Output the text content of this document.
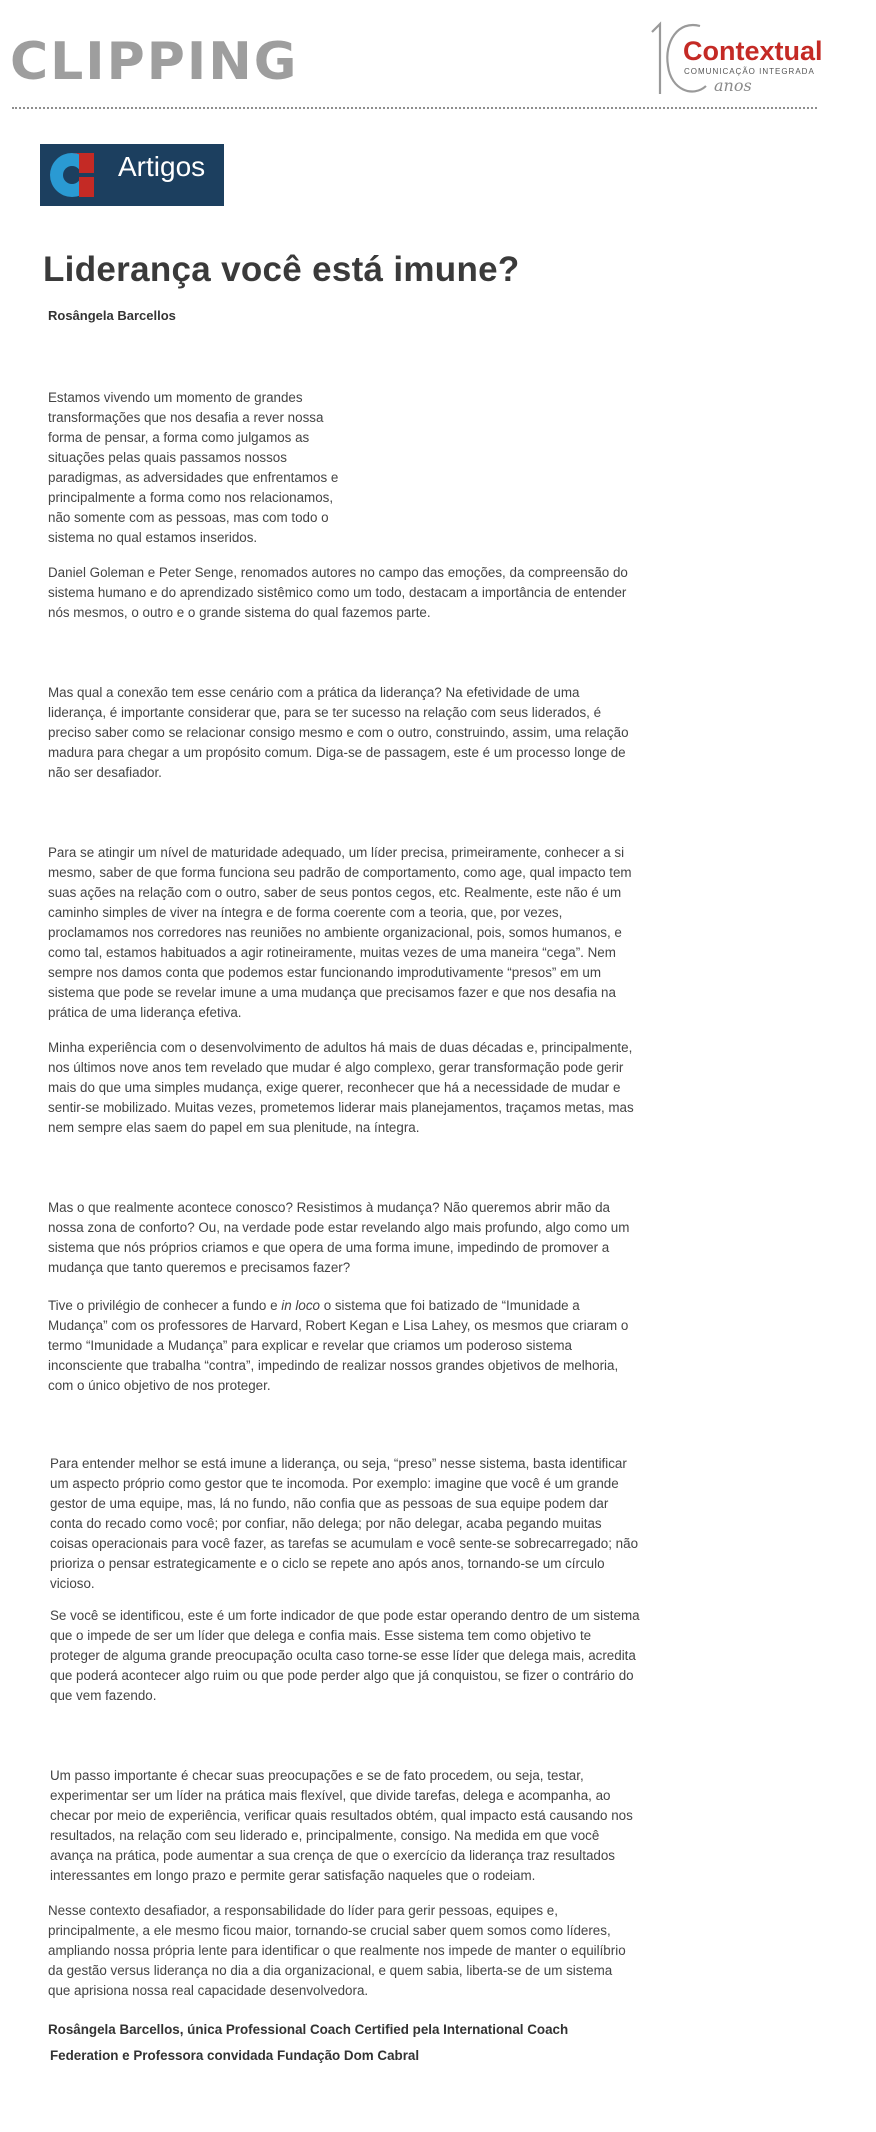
CLIPPING	Contextual
COMUNICAÇÃO INTEGRADA
anos
Artigos
Liderança você está imune?

Rosângela Barcellos

Estamos vivendo um momento de grandes transformações que nos desafia a rever nossa forma de pensar, a forma como julgamos as situações pelas quais passamos nossos paradigmas, as adversidades que enfrentamos e principalmente a forma como nos relacionamos, não somente com as pessoas, mas com todo o sistema no qual estamos inseridos.

Daniel Goleman e Peter Senge, renomados autores no campo das emoções, da compreensão do sistema humano e do aprendizado sistêmico como um todo, destacam a importância de entender nós mesmos, o outro e o grande sistema do qual fazemos parte.

Mas qual a conexão tem esse cenário com a prática da liderança? Na efetividade de uma liderança, é importante considerar que, para se ter sucesso na relação com seus liderados, é preciso saber como se relacionar consigo mesmo e com o outro, construindo, assim, uma relação madura para chegar a um propósito comum. Diga-se de passagem, este é um processo longe de não ser desafiador.

Para se atingir um nível de maturidade adequado, um líder precisa, primeiramente, conhecer a si mesmo, saber de que forma funciona seu padrão de comportamento, como age, qual impacto tem suas ações na relação com o outro, saber de seus pontos cegos, etc. Realmente, este não é um caminho simples de viver na íntegra e de forma coerente com a teoria, que, por vezes, proclamamos nos corredores nas reuniões no ambiente organizacional, pois, somos humanos, e como tal, estamos habituados a agir rotineiramente, muitas vezes de uma maneira “cega”. Nem sempre nos damos conta que podemos estar funcionando improdutivamente “presos” em um sistema que pode se revelar imune a uma mudança que precisamos fazer e que nos desafia na prática de uma liderança efetiva.

Minha experiência com o desenvolvimento de adultos há mais de duas décadas e, principalmente, nos últimos nove anos tem revelado que mudar é algo complexo, gerar transformação pode gerir mais do que uma simples mudança, exige querer, reconhecer que há a necessidade de mudar e sentir-se mobilizado. Muitas vezes, prometemos liderar mais planejamentos, traçamos metas, mas nem sempre elas saem do papel em sua plenitude, na íntegra.

Mas o que realmente acontece conosco? Resistimos à mudança? Não queremos abrir mão da nossa zona de conforto? Ou, na verdade pode estar revelando algo mais profundo, algo como um sistema que nós próprios criamos e que opera de uma forma imune, impedindo de promover a mudança que tanto queremos e precisamos fazer?

Tive o privilégio de conhecer a fundo e in loco o sistema que foi batizado de “Imunidade a Mudança” com os professores de Harvard, Robert Kegan e Lisa Lahey, os mesmos que criaram o termo “Imunidade a Mudança” para explicar e revelar que criamos um poderoso sistema inconsciente que trabalha “contra”, impedindo de realizar nossos grandes objetivos de melhoria, com o único objetivo de nos proteger.

Para entender melhor se está imune a liderança, ou seja, “preso” nesse sistema, basta identificar um aspecto próprio como gestor que te incomoda. Por exemplo: imagine que você é um grande gestor de uma equipe, mas, lá no fundo, não confia que as pessoas de sua equipe podem dar conta do recado como você; por confiar, não delega; por não delegar, acaba pegando muitas coisas operacionais para você fazer, as tarefas se acumulam e você sente-se sobrecarregado; não prioriza o pensar estrategicamente e o ciclo se repete ano após anos, tornando-se um círculo vicioso.

Se você se identificou, este é um forte indicador de que pode estar operando dentro de um sistema que o impede de ser um líder que delega e confia mais. Esse sistema tem como objetivo te proteger de alguma grande preocupação oculta caso torne-se esse líder que delega mais, acredita que poderá acontecer algo ruim ou que pode perder algo que já conquistou, se fizer o contrário do que vem fazendo.

Um passo importante é checar suas preocupações e se de fato procedem, ou seja, testar, experimentar ser um líder na prática mais flexível, que divide tarefas, delega e acompanha, ao checar por meio de experiência, verificar quais resultados obtém, qual impacto está causando nos resultados, na relação com seu liderado e, principalmente, consigo. Na medida em que você avança na prática, pode aumentar a sua crença de que o exercício da liderança traz resultados interessantes em longo prazo e permite gerar satisfação naqueles que o rodeiam.

Nesse contexto desafiador, a responsabilidade do líder para gerir pessoas, equipes e, principalmente, a ele mesmo ficou maior, tornando-se crucial saber quem somos como líderes, ampliando nossa própria lente para identificar o que realmente nos impede de manter o equilíbrio da gestão versus liderança no dia a dia organizacional, e quem sabia, liberta-se de um sistema que aprisiona nossa real capacidade desenvolvedora.

Rosângela Barcellos, única Professional Coach Certified pela International Coach

Federation e Professora convidada Fundação Dom Cabral
